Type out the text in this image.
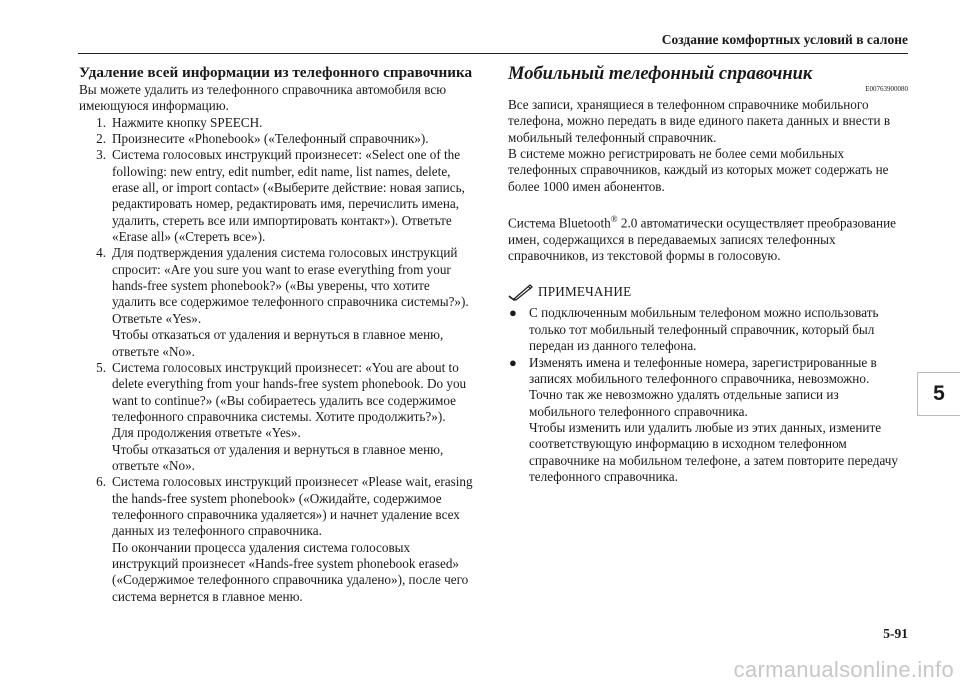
Создание комфортных условий в салоне
Удаление всей информации из телефонного справочника

Вы можете удалить из телефонного справочника автомобиля всю имеющуюся информацию.

1. Нажмите кнопку SPEECH.

2. Произнесите «Phonebook» («Телефонный справочник»).

3. Система голосовых инструкций произнесет: «Select one of the following: new entry, edit number, edit name, list names, delete, erase all, or import contact» («Выберите действие: новая запись, редактировать номер, редактировать имя, перечислить имена, удалить, стереть все или импортировать контакт»). Ответьте «Erase all» («Стереть все»).

4. Для подтверждения удаления система голосовых инструкций спросит: «Are you sure you want to erase everything from your hands-free system phonebook?» («Вы уверены, что хотите удалить все содержимое телефонного справочника системы?»). Ответьте «Yes».

Чтобы отказаться от удаления и вернуться в главное меню, ответьте «No».

5. Система голосовых инструкций произнесет: «You are about to delete everything from your hands-free system phonebook. Do you want to continue?» («Вы собираетесь удалить все содержимое телефонного справочника системы. Хотите продолжить?»).

Для продолжения ответьте «Yes».

Чтобы отказаться от удаления и вернуться в главное меню, ответьте «No».

6. Система голосовых инструкций произнесет «Please wait, erasing the hands-free system phonebook» («Ожидайте, содержимое телефонного справочника удаляется») и начнет удаление всех данных из телефонного справочника.

По окончании процесса удаления система голосовых инструкций произнесет «Hands-free system phonebook erased» («Содержимое телефонного справочника удалено»), после чего система вернется в главное меню.

E00763900080
Мобильный телефонный справочник

Все записи, хранящиеся в телефонном справочнике мобильного телефона, можно передать в виде единого пакета данных и внести в мобильный телефонный справочник.

В системе можно регистрировать не более семи мобильных телефонных справочников, каждый из которых может содержать не более 1000 имен абонентов.

Система Bluetooth® 2.0 автоматически осуществляет преобразование имен, содержащихся в передаваемых записях телефонных справочников, из текстовой формы в голосовую.

ПРИМЕЧАНИЕ
● С подключенным мобильным телефоном можно использовать только тот мобильный телефонный справочник, который был передан из данного телефона.

● Изменять имена и телефонные номера, зарегистрированные в записях мобильного телефонного справочника, невозможно.

Точно так же невозможно удалять отдельные записи из мобильного телефонного справочника.

Чтобы изменить или удалить любые из этих данных, измените соответствующую информацию в исходном телефонном справочнике на мобильном телефоне, а затем повторите передачу телефонного справочника.

5
5-91
carmanualsonline.info
